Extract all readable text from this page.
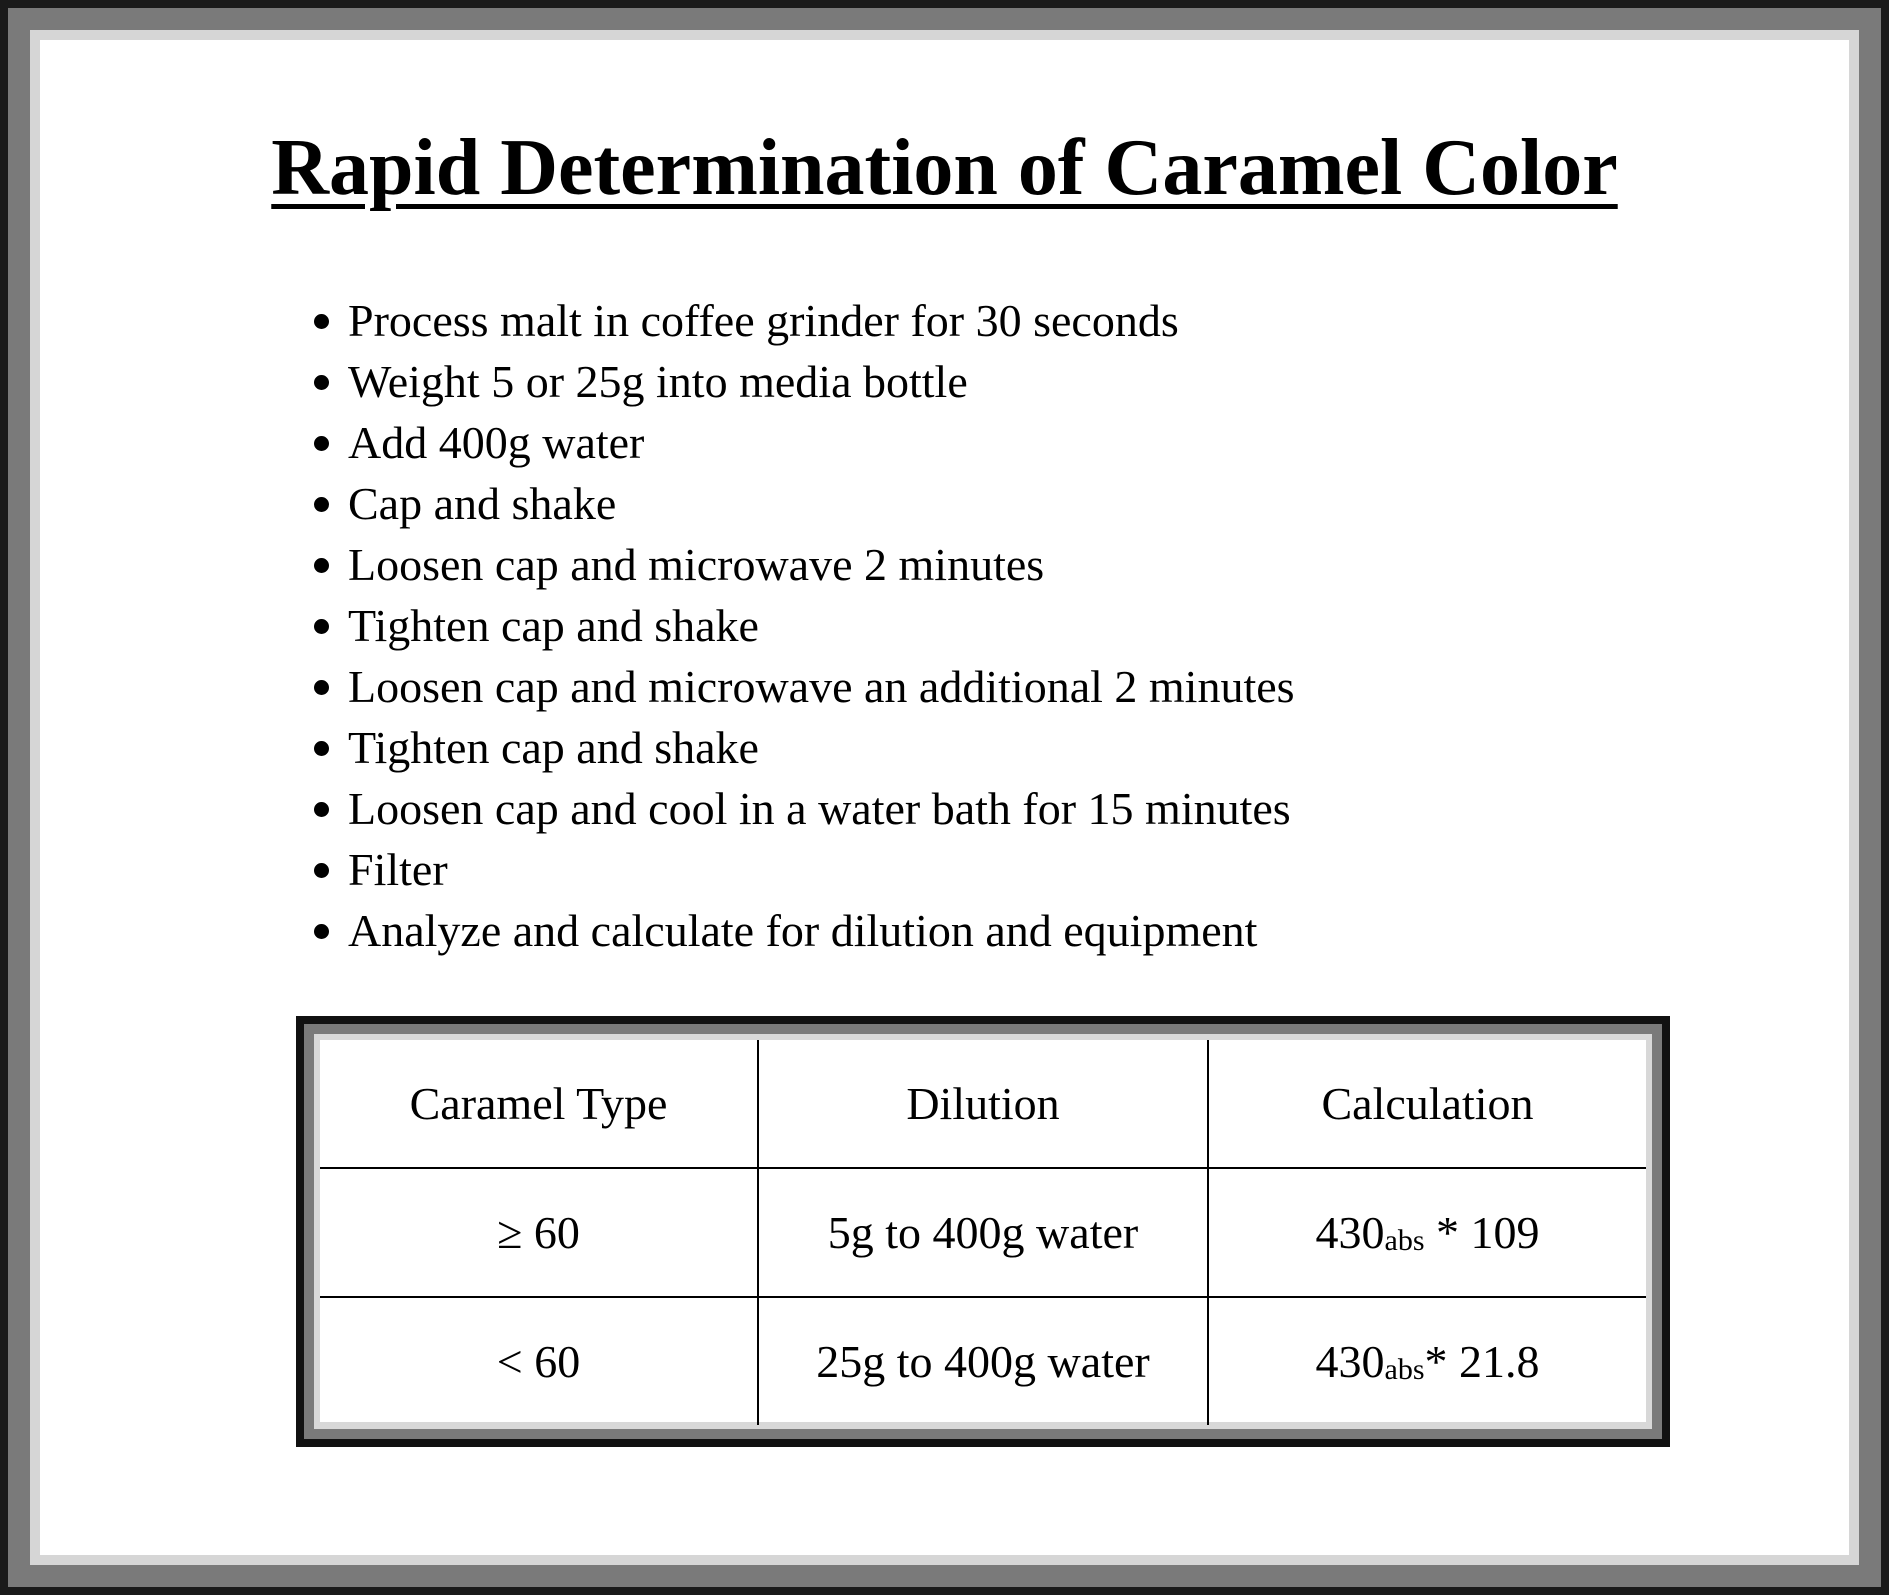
Rapid Determination of Caramel Color
Process malt in coffee grinder for 30 seconds
Weight 5 or 25g into media bottle
Add 400g water
Cap and shake
Loosen cap and microwave 2 minutes
Tighten cap and shake
Loosen cap and microwave an additional 2 minutes
Tighten cap and shake
Loosen cap and cool in a water bath for 15 minutes
Filter
Analyze and calculate for dilution and equipment
Caramel Type	Dilution	Calculation
≥ 60	5g to 400g water	430abs * 109
< 60	25g to 400g water	430abs* 21.8
